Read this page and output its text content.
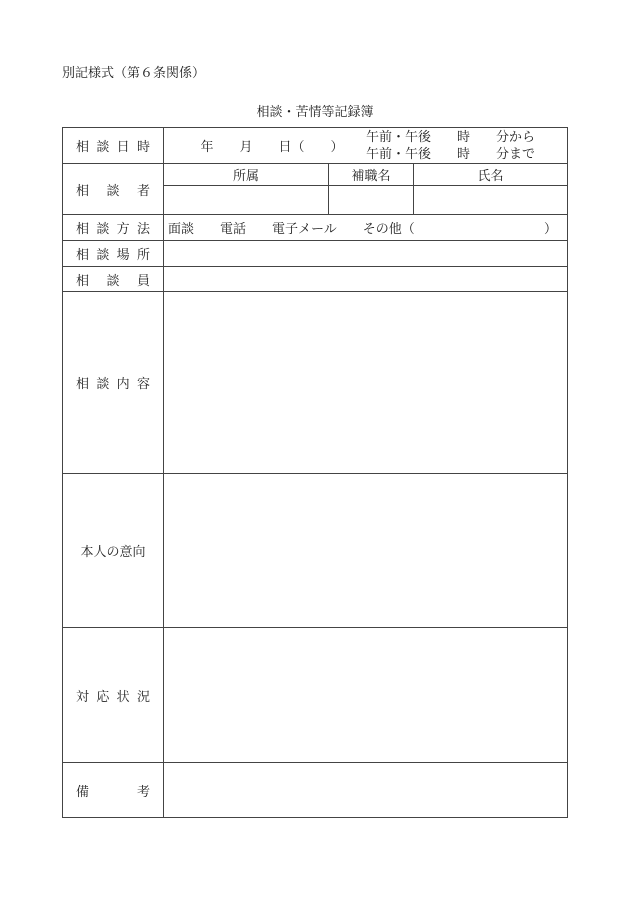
別記様式（第６条関係）
相談・苦情等記録簿
相 談 日 時	年　　月　　日（　　）
午前・午後　　時　　分から
午前・午後　　時　　分まで

相 談 者	所属	補職名	氏名

相 談 方 法	面談　　電話　　電子メール　　その他（ ）		

相 談 場 所			

相 談 員			

相 談 内 容			

本人の意向			

対 応 状 況			

備 考			
